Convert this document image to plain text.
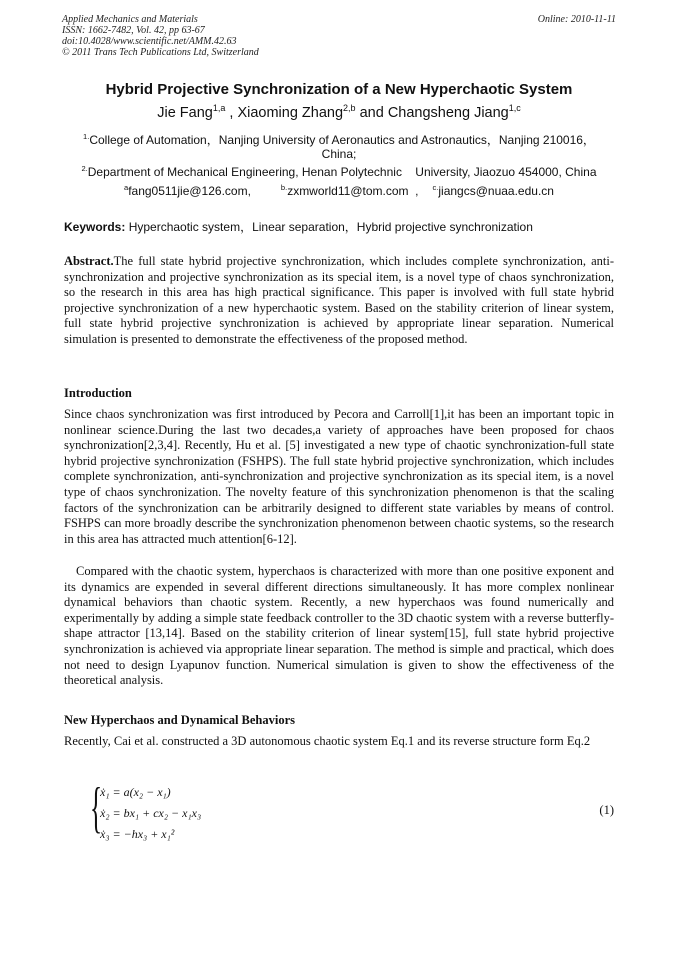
Applied Mechanics and Materials
ISSN: 1662-7482, Vol. 42, pp 63-67
doi:10.4028/www.scientific.net/AMM.42.63
© 2011 Trans Tech Publications Ltd, Switzerland
Online: 2010-11-11
Hybrid Projective Synchronization of a New Hyperchaotic System
Jie Fang$^{1,a}$ , Xiaoming Zhang$^{2,b}$ and Changsheng Jiang$^{1,c}$
$^{1.}$College of Automation，Nanjing University of Aeronautics and Astronautics，Nanjing 210016，
China;
$^{2.}$Department of Mechanical Engineering, Henan Polytechnic    University, Jiaozuo 454000, China
$^a$fang0511jie@126.com,	$^{b.}$zxmworld11@tom.com  , $^{c.}$jiangcs@nuaa.edu.cn
Keywords: Hyperchaotic system，Linear separation，Hybrid projective synchronization
Abstract.The full state hybrid projective synchronization, which includes complete synchronization, anti-synchronization and projective synchronization as its special item, is a novel type of chaos synchronization, so the research in this area has high practical significance. This paper is involved with full state hybrid projective synchronization of a new hyperchaotic system. Based on the stability criterion of linear system, full state hybrid projective synchronization is achieved by appropriate linear separation. Numerical simulation is presented to demonstrate the effectiveness of the proposed method.
Introduction
Since chaos synchronization was first introduced by Pecora and Carroll[1],it has been an important topic in nonlinear science.During the last two decades,a variety of approaches have been proposed for chaos synchronization[2,3,4]. Recently, Hu et al. [5] investigated a new type of chaotic synchronization-full state hybrid projective synchronization (FSHPS). The full state hybrid projective synchronization, which includes complete synchronization, anti-synchronization and projective synchronization as its special item, is a novel type of chaos synchronization. The novelty feature of this synchronization phenomenon is that the scaling factors of the synchronization can be arbitrarily designed to different state variables by means of control. FSHPS can more broadly describe the synchronization phenomenon between chaotic systems, so the research in this area has attracted much attention[6-12].
Compared with the chaotic system, hyperchaos is characterized with more than one positive exponent and its dynamics are expended in several different directions simultaneously. It has more complex nonlinear dynamical behaviors than chaotic system. Recently, a new hyperchaos was found numerically and experimentally by adding a simple state feedback controller to the 3D chaotic system with a reverse butterfly-shape attractor [13,14]. Based on the stability criterion of linear system[15], full state hybrid projective synchronization is achieved via appropriate linear separation. The method is simple and practical, which does not need to design Lyapunov function. Numerical simulation is given to show the effectiveness of the theoretical analysis.
New Hyperchaos and Dynamical Behaviors
Recently, Cai et al. constructed a 3D autonomous chaotic system Eq.1 and its reverse structure form Eq.2
{
ẋ₁ = a(x₂ − x₁)
ẋ₂ = bx₁ + cx₂ − x₁x₃
ẋ₃ = −hx₃ + x₁²
(1)
